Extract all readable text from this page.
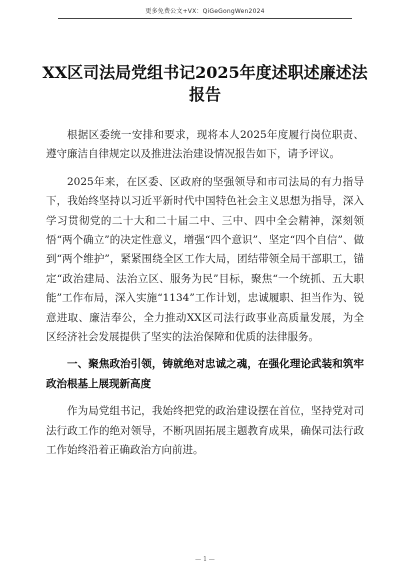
更多免费公文+VX：QiGeGongWen2024
XX区司法局党组书记2025年度述职述廉述法报告

根据区委统一安排和要求，现将本人2025年度履行岗位职责、遵守廉洁自律规定以及推进法治建设情况报告如下，请予评议。

2025年来，在区委、区政府的坚强领导和市司法局的有力指导下，我始终坚持以习近平新时代中国特色社会主义思想为指导，深入学习贯彻党的二十大和二十届二中、三中、四中全会精神，深刻领悟“两个确立”的决定性意义，增强“四个意识”、坚定“四个自信”、做到“两个维护”，紧紧围绕全区工作大局，团结带领全局干部职工，锚定“政治建局、法治立区、服务为民”目标，聚焦“一个统抓、五大职能”工作布局，深入实施“1134”工作计划，忠诚履职、担当作为、锐意进取、廉洁奉公，全力推动XX区司法行政事业高质量发展，为全区经济社会发展提供了坚实的法治保障和优质的法律服务。

一、聚焦政治引领，铸就绝对忠诚之魂，在强化理论武装和筑牢政治根基上展现新高度

作为局党组书记，我始终把党的政治建设摆在首位，坚持党对司法行政工作的绝对领导，不断巩固拓展主题教育成果，确保司法行政工作始终沿着正确政治方向前进。

— 1 —
